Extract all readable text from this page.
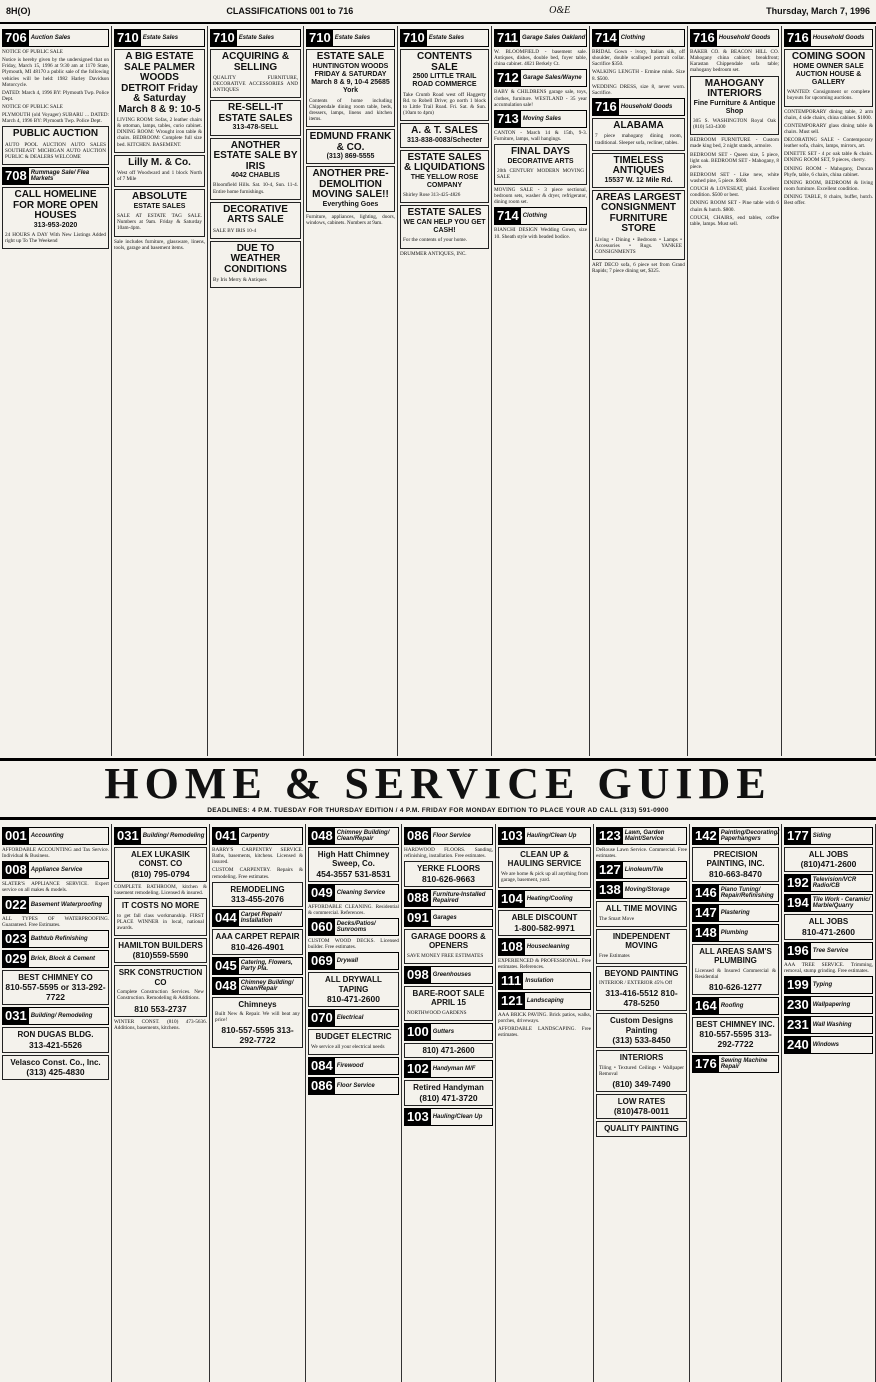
8H(O)	CLASSIFICATIONS 001 to 716	O&E	Thursday, March 7, 1996
706 Auction Sales
NOTICE OF PUBLIC SALE
Notice is hereby given by the undersigned that on Friday, March 15, 1996 at 9:30 am at 1170 State, Plymouth, MI 48170 a public sale of the following vehicles will be held: 1982 Harley Davidson Motorcycle.
DATED: March 4, 1996 BY: Plymouth Twp. Police Dept.
NOTICE OF PUBLIC SALE
PLYMOUTH (old Voyager) SUBARU ... DATED: March 4, 1996 BY: Plymouth Twp. Police Dept.
PUBLIC AUCTION
AUTO POOL AUCTION AUTO SALES SOUTHEAST MICHIGAN AUTO AUCTION PUBLIC & DEALERS WELCOME
708 Rummage Sale/ Flea Markets
CALL HOMELINE FOR MORE OPEN HOUSES
313-953-2020
24 HOURS A DAY With New Listings Added right up To The Weekend
710 Estate Sales
A BIG ESTATE SALE PALMER WOODS DETROIT Friday & Saturday March 8 & 9: 10-5
LIVING ROOM: Sofas, 2 leather chairs & ottoman, lamps, tables, curio cabinet. DINING ROOM: Wrought iron table & chairs. BEDROOM: Complete full size bed. KITCHEN. BASEMENT.
Lilly M. & Co.
West off Woodward and 1 block North of 7 Mile
ABSOLUTE
ESTATE SALES
SALE AT ESTATE TAG SALE. Numbers at 9am. Friday & Saturday 10am-4pm.
Sale includes furniture, glassware, linens, tools, garage and basement items.
710 Estate Sales
ACQUIRING & SELLING
QUALITY FURNITURE, DECORATIVE ACCESSORIES AND ANTIQUES
RE-SELL-IT ESTATE SALES
313-478-SELL
ANOTHER ESTATE SALE BY IRIS
4042 CHABLIS
Bloomfield Hills. Sat. 10-4, Sun. 11-4. Entire home furnishings.
DECORATIVE ARTS SALE
SALE BY IRIS 10-4
DUE TO WEATHER CONDITIONS
By Iris Merry & Antiques
710 Estate Sales
ESTATE SALE
HUNTINGTON WOODS FRIDAY & SATURDAY March 8 & 9, 10-4 25685 York
Contents of home including Chippendale dining room table, beds, dressers, lamps, linens and kitchen items.
EDMUND FRANK & CO.
(313) 869-5555
ANOTHER PRE-DEMOLITION MOVING SALE!!
Everything Goes
Furniture, appliances, lighting, doors, windows, cabinets. Numbers at 9am.
710 Estate Sales
CONTENTS SALE
2500 LITTLE TRAIL ROAD COMMERCE
Take Crumb Road west off Haggerty Rd. to Robell Drive; go north 1 block to Little Trail Road. Fri. Sat. & Sun. (10am to 4pm)
A. & T. SALES
313-838-0083/Schecter
ESTATE SALES & LIQUIDATIONS
THE YELLOW ROSE COMPANY
Shirley Rose 313-425-4826
ESTATE SALES
WE CAN HELP YOU GET CASH!
For the contents of your home.
DRUMMER ANTIQUES, INC.
711 Garage Sales Oakland
W. BLOOMFIELD - basement sale. Antiques, dishes, double bed, foyer table, china cabinet. 4021 Berkely Ct.
712 Garage Sales/Wayne
BABY & CHILDRENS garage sale, toys, clothes, furniture. WESTLAND - 35 year accumulation sale!
713 Moving Sales
CANTON - March 14 & 15th, 9-3. Furniture, lamps, wall hangings.
FINAL DAYS
DECORATIVE ARTS
20th CENTURY MODERN MOVING SALE
MOVING SALE - 3 piece sectional, bedroom sets, washer & dryer, refrigerator, dining room set.
714 Clothing
BIANCHI DESIGN Wedding Gown, size 10. Sheath style with beaded bodice.
714 Clothing
BRIDAL Gown - ivory, Italian silk, off shoulder, double scalloped portrait collar. Sacrifice $350.
WALKING LENGTH - Ermine mink. Size 8. $500.
WEDDING DRESS, size 8, never worn. Sacrifice.
716 Household Goods
ALABAMA
7 piece mahogany dining room, traditional. Sleeper sofa, recliner, tables.
TIMELESS ANTIQUES
15537 W. 12 Mile Rd.
AREAS LARGEST CONSIGNMENT FURNITURE STORE
Living • Dining • Bedroom • Lamps • Accessories • Rugs. YANKEE CONSIGNMENTS
ART DECO sofa, 6 piece set from Grand Rapids; 7 piece dining set, $325.
716 Household Goods
BAKER CO. & BEACON HILL CO. Mahogany china cabinet; breakfront; Karastan Chippendale sofa table; mahogany bedroom set.
MAHOGANY INTERIORS
Fine Furniture & Antique Shop
305 S. WASHINGTON Royal Oak (810) 543-4300
BEDROOM FURNITURE - Custom made king bed, 2 night stands, armoire.
BEDROOM SET - Queen size, 5 piece, light oak. BEDROOM SET - Mahogany, 8 piece.
BEDROOM SET - Like new, white washed pine, 5 piece. $900.
COUCH & LOVESEAT, plaid. Excellent condition. $500 or best.
DINING ROOM SET - Pine table with 6 chairs & hutch. $800.
COUCH, CHAIRS, end tables, coffee table, lamps. Must sell.
716 Household Goods
COMING SOON
HOME OWNER SALE AUCTION HOUSE & GALLERY
WANTED: Consignment or complete buyouts for upcoming auctions.
CONTEMPORARY dining table, 2 arm chairs, 4 side chairs, china cabinet. $1000.
CONTEMPORARY glass dining table & chairs. Must sell.
DECORATING SALE - Contemporary leather sofa, chairs, lamps, mirrors, art.
DINETTE SET - 4 pc oak table & chairs. DINING ROOM SET, 9 pieces, cherry.
DINING ROOM - Mahogany, Duncan Phyfe, table, 6 chairs, china cabinet.
DINING ROOM, BEDROOM & living room furniture. Excellent condition.
DINING TABLE, 8 chairs, buffet, hutch. Best offer.
HOME & SERVICE GUIDE
DEADLINES: 4 P.M. TUESDAY FOR THURSDAY EDITION / 4 P.M. FRIDAY FOR MONDAY EDITION TO PLACE YOUR AD CALL (313) 591-0900
001 Accounting
AFFORDABLE ACCOUNTING and Tax Service. Individual & Business.
008 Appliance Service
SLATER'S APPLIANCE SERVICE. Expert service on all makes & models.
022 Basement Waterproofing
ALL TYPES OF WATERPROOFING. Guaranteed. Free Estimates.
023 Bathtub Refinishing
029 Brick, Block & Cement
BEST CHIMNEY CO
810-557-5595 or 313-292-7722
031 Building/ Remodeling
RON DUGAS BLDG.
313-421-5526
Velasco Const. Co., Inc.
(313) 425-4830
031 Building/ Remodeling
ALEX LUKASIK CONST. CO
(810) 795-0794
COMPLETE BATHROOM, kitchen & basement remodeling. Licensed & insured.
IT COSTS NO MORE
to get fall class workmanship. FIRST PLACE WINNER in local, national awards.
HAMILTON BUILDERS
(810)559-5590
SRK CONSTRUCTION CO
Complete Construction Services. New Construction. Remodeling & Additions.
810 553-2737
WINTER CONST. (810) 473-5636. Additions, basements, kitchens.
041 Carpentry
BARRY'S CARPENTRY SERVICE. Baths, basements, kitchens. Licensed & insured.
CUSTOM CARPENTRY. Repairs & remodeling. Free estimates.
REMODELING
313-455-2076
044 Carpet Repair/ Installation
AAA CARPET REPAIR
810-426-4901
045 Catering, Flowers, Party Pla.
048 Chimney Building/ Clean/Repair
Chimneys
Built New & Repair. We will beat any price!
810-557-5595 313-292-7722
048 Chimney Building/ Clean/Repair
High Hatt Chimney Sweep, Co.
454-3557 531-8531
049 Cleaning Service
AFFORDABLE CLEANING. Residential & commercial. References.
060 Decks/Patios/ Sunrooms
CUSTOM WOOD DECKS. Licensed builder. Free estimates.
069 Drywall
ALL DRYWALL TAPING
810-471-2600
070 Electrical
BUDGET ELECTRIC
We service all your electrical needs
084 Firewood
086 Floor Service
086 Floor Service
HARDWOOD FLOORS. Sanding, refinishing, installation. Free estimates.
YERKE FLOORS
810-626-9663
088 Furniture-Installed Repaired
091 Garages
GARAGE DOORS & OPENERS
SAVE MONEY FREE ESTIMATES
098 Greenhouses
BARE-ROOT SALE APRIL 15
NORTHWOOD GARDENS
100 Gutters
810) 471-2600
102 Handyman M/F
Retired Handyman
(810) 471-3720
103 Hauling/Clean Up
103 Hauling/Clean Up
CLEAN UP & HAULING SERVICE
We are home & pick up all anything from garage, basement, yard.
104 Heating/Cooling
ABLE DISCOUNT
1-800-582-9971
108 Housecleaning
EXPERIENCED & PROFESSIONAL. Free estimates. References.
111 Insulation
121 Landscaping
AAA BRICK PAVING. Brick patios, walks, porches, driveways.
AFFORDABLE LANDSCAPING. Free estimates.
123 Lawn, Garden Maint/Service
DeRouse Lawn Service. Commercial. Free estimates.
127 Linoleum/Tile
138 Moving/Storage
ALL TIME MOVING
The Smart Move
INDEPENDENT MOVING
Free Estimates
BEYOND PAINTING
INTERIOR / EXTERIOR 45% Off
313-416-5512 810-478-5250
Custom Designs Painting
(313) 533-8450
INTERIORS
Tiling • Textured Ceilings • Wallpaper Removal
(810) 349-7490
LOW RATES
(810)478-0011
QUALITY PAINTING
142 Painting/Decorating/ Paperhangers
PRECISION PAINTING, INC.
810-663-8470
146 Piano Tuning/ Repair/Refinishing
147 Plastering
148 Plumbing
ALL AREAS SAM'S PLUMBING
Licensed & Insured Commercial & Residential
810-626-1277
164 Roofing
BEST CHIMNEY INC.
810-557-5595 313-292-7722
176 Sewing Machine Repair
177 Siding
ALL JOBS
(810)471-2600
192 Television/VCR Radio/CB
194 Tile Work - Ceramic/ Marble/Quarry
ALL JOBS
810-471-2600
196 Tree Service
AAA TREE SERVICE. Trimming, removal, stump grinding. Free estimates.
199 Typing
230 Wallpapering
231 Wall Washing
240 Windows
